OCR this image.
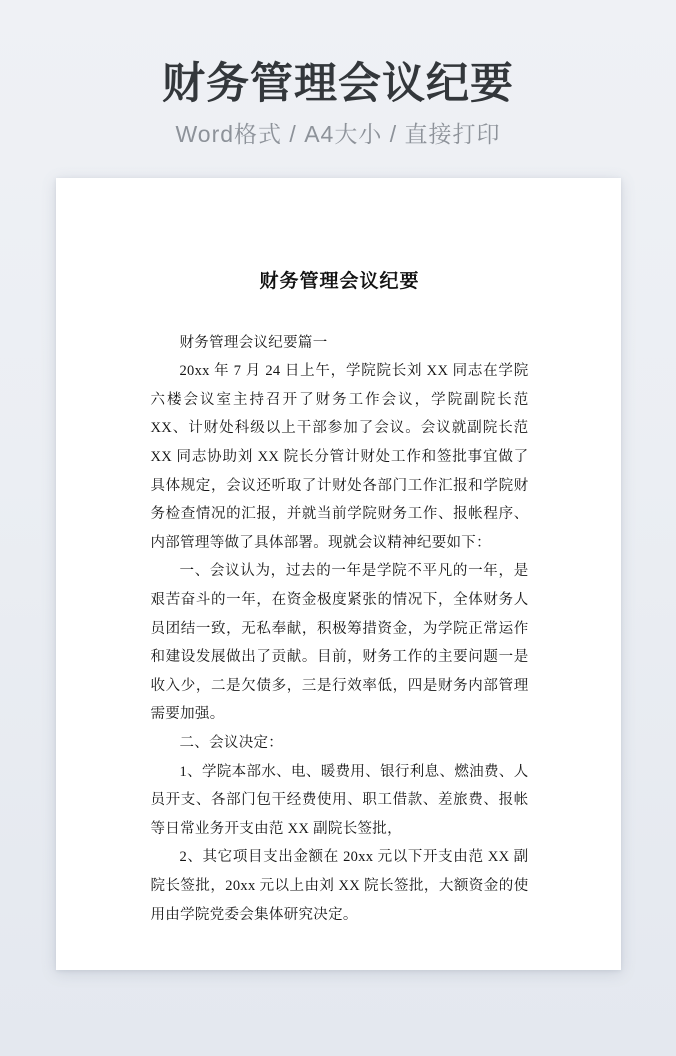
财务管理会议纪要
Word格式 / A4大小 / 直接打印
财务管理会议纪要

财务管理会议纪要篇一

20xx 年 7 月 24 日上午，学院院长刘 XX 同志在学院六楼会议室主持召开了财务工作会议，学院副院长范 XX、计财处科级以上干部参加了会议。会议就副院长范 XX 同志协助刘 XX 院长分管计财处工作和签批事宜做了具体规定，会议还听取了计财处各部门工作汇报和学院财务检查情况的汇报，并就当前学院财务工作、报帐程序、内部管理等做了具体部署。现就会议精神纪要如下：

一、会议认为，过去的一年是学院不平凡的一年，是艰苦奋斗的一年，在资金极度紧张的情况下，全体财务人员团结一致，无私奉献，积极筹措资金，为学院正常运作和建设发展做出了贡献。目前，财务工作的主要问题一是收入少，二是欠债多，三是行效率低，四是财务内部管理需要加强。

二、会议决定：

1、学院本部水、电、暖费用、银行利息、燃油费、人员开支、各部门包干经费使用、职工借款、差旅费、报帐等日常业务开支由范 XX 副院长签批，

2、其它项目支出金额在 20xx 元以下开支由范 XX 副院长签批，20xx 元以上由刘 XX 院长签批，大额资金的使用由学院党委会集体研究决定。
